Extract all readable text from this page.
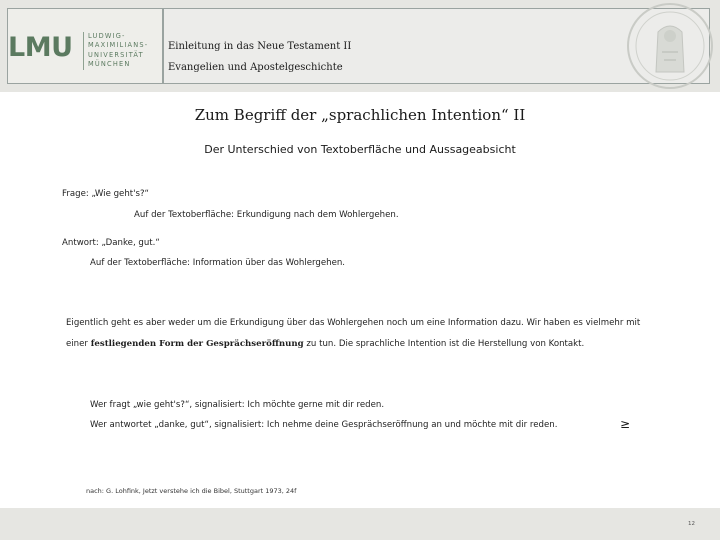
LMU LUDWIG-
MAXIMILIANS-
UNIVERSITÄT
MÜNCHEN
Einleitung in das Neue Testament II
Evangelien und Apostelgeschichte
Zum Begriff der „sprachlichen Intention“ II
Der Unterschied von Textoberfläche und Aussageabsicht
Frage: „Wie geht's?“
Auf der Textoberfläche: Erkundigung nach dem Wohlergehen.
Antwort: „Danke, gut.“
Auf der Textoberfläche: Information über das Wohlergehen.
Eigentlich geht es aber weder um die Erkundigung über das Wohlergehen noch um eine Information dazu. Wir haben es vielmehr mit einer festliegenden Form der Gesprächseröffnung zu tun. Die sprachliche Intention ist die Herstellung von Kontakt.
Wer fragt „wie geht's?“, signalisiert: Ich möchte gerne mit dir reden.
Wer antwortet „danke, gut“, signalisiert: Ich nehme deine Gesprächseröffnung an und möchte mit dir reden.	≥
nach: G. Lohfink, Jetzt verstehe ich die Bibel, Stuttgart 1973, 24f
12
